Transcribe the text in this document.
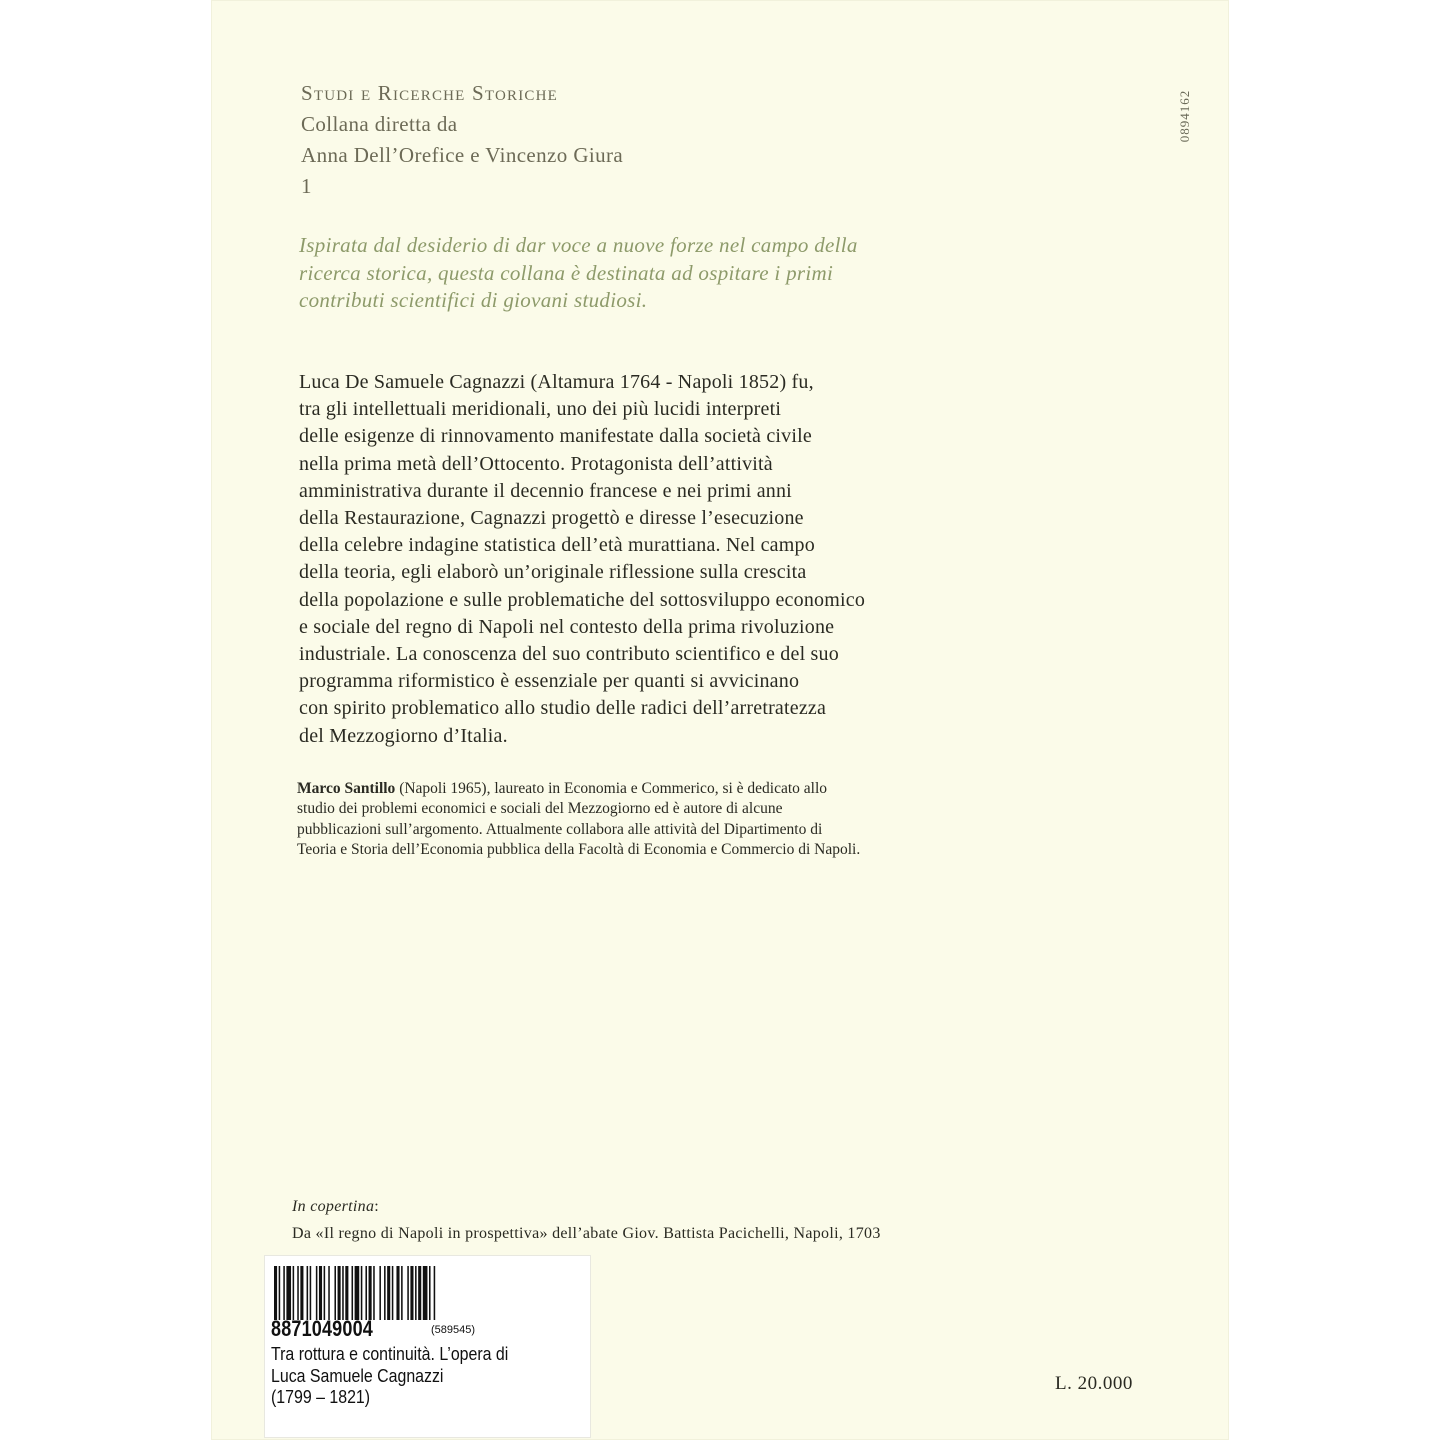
Studi e Ricerche Storiche
Collana diretta da
Anna Dell’Orefice e Vincenzo Giura
1
0894162
Ispirata dal desiderio di dar voce a nuove forze nel campo della
ricerca storica, questa collana è destinata ad ospitare i primi
contributi scientifici di giovani studiosi.
Luca De Samuele Cagnazzi (Altamura 1764 - Napoli 1852) fu,
tra gli intellettuali meridionali, uno dei più lucidi interpreti
delle esigenze di rinnovamento manifestate dalla società civile
nella prima metà dell’Ottocento. Protagonista dell’attività
amministrativa durante il decennio francese e nei primi anni
della Restaurazione, Cagnazzi progettò e diresse l’esecuzione
della celebre indagine statistica dell’età murattiana. Nel campo
della teoria, egli elaborò un’originale riflessione sulla crescita
della popolazione e sulle problematiche del sottosviluppo economico
e sociale del regno di Napoli nel contesto della prima rivoluzione
industriale. La conoscenza del suo contributo scientifico e del suo
programma riformistico è essenziale per quanti si avvicinano
con spirito problematico allo studio delle radici dell’arretratezza
del Mezzogiorno d’Italia.
Marco Santillo (Napoli 1965), laureato in Economia e Commerico, si è dedicato allo
studio dei problemi economici e sociali del Mezzogiorno ed è autore di alcune
pubblicazioni sull’argomento. Attualmente collabora alle attività del Dipartimento di
Teoria e Storia dell’Economia pubblica della Facoltà di Economia e Commercio di Napoli.
In copertina:
Da «Il regno di Napoli in prospettiva» dell’abate Giov. Battista Pacichelli, Napoli, 1703
8871049004	(589545)
Tra rottura e continuità. L’opera di
Luca Samuele Cagnazzi
(1799 – 1821)
L. 20.000
